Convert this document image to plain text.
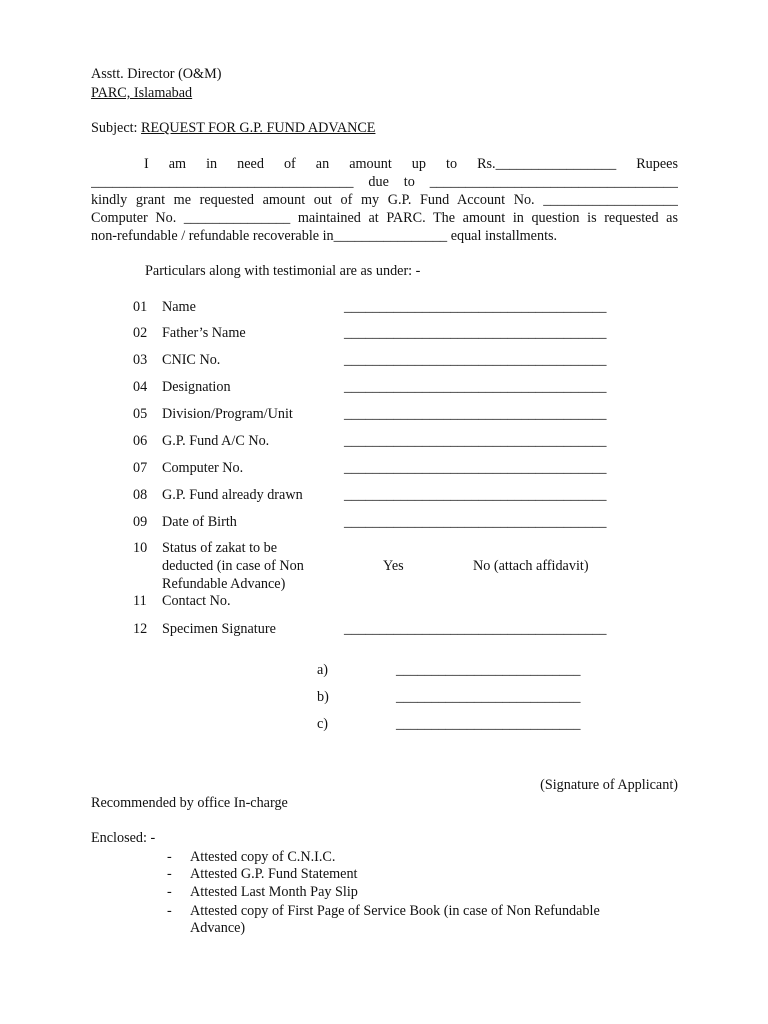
Asstt. Director (O&M)
PARC, Islamabad
Subject: REQUEST FOR G.P. FUND ADVANCE
I am in need of an amount up to Rs._________________ Rupees
_____________________________________ due to ___________________________________
kindly grant me requested amount out of my G.P. Fund Account No. ___________________
Computer No. _______________ maintained at PARC. The amount in question is requested as
non-refundable / refundable recoverable in________________ equal installments.
Particulars along with testimonial are as under: -
01 Name	_____________________________________
02 Father’s Name	_____________________________________
03 CNIC No.	_____________________________________
04 Designation	_____________________________________
05 Division/Program/Unit	_____________________________________
06 G.P. Fund A/C No.	_____________________________________
07 Computer No.	_____________________________________
08 G.P. Fund already drawn	_____________________________________
09 Date of Birth	_____________________________________
10 Status of zakat to be
deducted (in case of Non
Refundable Advance)
Yes	No (attach affidavit)
11 Contact No.
12 Specimen Signature	_____________________________________
a)	__________________________
b)	__________________________
c)	__________________________
(Signature of Applicant)
Recommended by office In-charge
Enclosed: -
- Attested copy of C.N.I.C.
- Attested G.P. Fund Statement
- Attested Last Month Pay Slip
- Attested copy of First Page of Service Book (in case of Non Refundable
Advance)
